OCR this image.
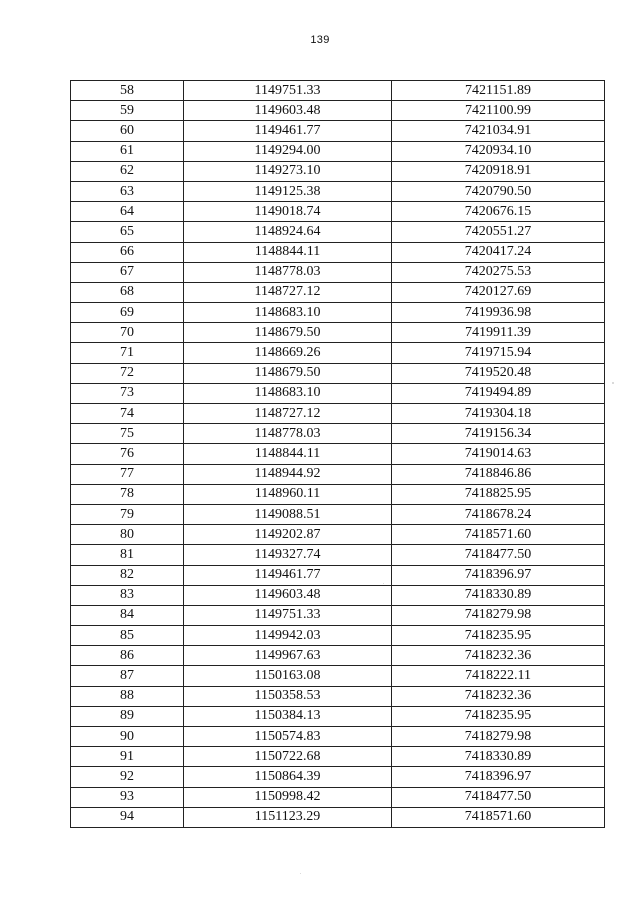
139
58	1149751.33	7421151.89
59	1149603.48	7421100.99
60	1149461.77	7421034.91
61	1149294.00	7420934.10
62	1149273.10	7420918.91
63	1149125.38	7420790.50
64	1149018.74	7420676.15
65	1148924.64	7420551.27
66	1148844.11	7420417.24
67	1148778.03	7420275.53
68	1148727.12	7420127.69
69	1148683.10	7419936.98
70	1148679.50	7419911.39
71	1148669.26	7419715.94
72	1148679.50	7419520.48
73	1148683.10	7419494.89
74	1148727.12	7419304.18
75	1148778.03	7419156.34
76	1148844.11	7419014.63
77	1148944.92	7418846.86
78	1148960.11	7418825.95
79	1149088.51	7418678.24
80	1149202.87	7418571.60
81	1149327.74	7418477.50
82	1149461.77	7418396.97
83	1149603.48	7418330.89
84	1149751.33	7418279.98
85	1149942.03	7418235.95
86	1149967.63	7418232.36
87	1150163.08	7418222.11
88	1150358.53	7418232.36
89	1150384.13	7418235.95
90	1150574.83	7418279.98
91	1150722.68	7418330.89
92	1150864.39	7418396.97
93	1150998.42	7418477.50
94	1151123.29	7418571.60
